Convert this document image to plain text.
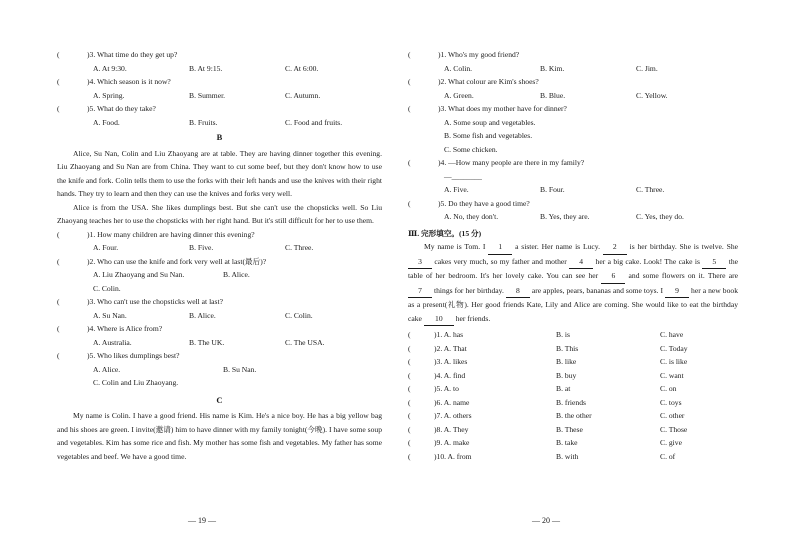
(	)3. What time do they get up?
A. At 9:30.	B. At 9:15.	C. At 6:00.
(	)4. Which season is it now?
A. Spring.	B. Summer.	C. Autumn.
(	)5. What do they take?
A. Food.	B. Fruits.	C. Food and fruits.
B

Alice, Su Nan, Colin and Liu Zhaoyang are at table. They are having dinner together this evening. Liu Zhaoyang and Su Nan are from China. They want to cut some beef, but they don't know how to use the knife and fork. Colin tells them to use the forks with their left hands and use the knives with their right hands. They try to learn and then they can use the knives and forks very well.

Alice is from the USA. She likes dumplings best. But she can't use the chopsticks well. So Liu Zhaoyang teaches her to use the chopsticks with her right hand. But it's still difficult for her to use them.

(	)1. How many children are having dinner this evening?
A. Four.	B. Five.	C. Three.
(	)2. Who can use the knife and fork very well at last(最后)?
A. Liu Zhaoyang and Su Nan.	B. Alice.
C. Colin.
(	)3. Who can't use the chopsticks well at last?
A. Su Nan.	B. Alice.	C. Colin.
(	)4. Where is Alice from?
A. Australia.	B. The UK.	C. The USA.
(	)5. Who likes dumplings best?
A. Alice.	B. Su Nan.
C. Colin and Liu Zhaoyang.
C

My name is Colin. I have a good friend. His name is Kim. He's a nice boy. He has a big yellow bag and his shoes are green. I invite(邀请) him to have dinner with my family tonight(今晚). I have some soup and vegetables. Kim has some rice and fish. My mother has some fish and vegetables. My father has some vegetables and beef. We have a good time.

(	)1. Who's my good friend?
A. Colin.	B. Kim.	C. Jim.
(	)2. What colour are Kim's shoes?
A. Green.	B. Blue.	C. Yellow.
(	)3. What does my mother have for dinner?
A. Some soup and vegetables.
B. Some fish and vegetables.
C. Some chicken.
(	)4. —How many people are there in my family?
—________
A. Five.	B. Four.	C. Three.
(	)5. Do they have a good time?
A. No, they don't.	B. Yes, they are.	C. Yes, they do.
Ⅲ. 完形填空。(15 分)

My name is Tom. I 1 a sister. Her name is Lucy. 2 is her birthday. She is twelve. She 3 cakes very much, so my father and mother 4 her a big cake. Look! The cake is 5 the table of her bedroom. It's her lovely cake. You can see her 6 and some flowers on it. There are 7 things for her birthday. 8 are apples, pears, bananas and some toys. I 9 her a new book as a present(礼物). Her good friends Kate, Lily and Alice are coming. She would like to eat the birthday cake 10 her friends.

(	)1. A. has	B. is	C. have
(	)2. A. That	B. This	C. Today
(	)3. A. likes	B. like	C. is like
(	)4. A. find	B. buy	C. want
(	)5. A. to	B. at	C. on
(	)6. A. name	B. friends	C. toys
(	)7. A. others	B. the other	C. other
(	)8. A. They	B. These	C. Those
(	)9. A. make	B. take	C. give
(	)10. A. from	B. with	C. of
— 19 —	— 20 —
